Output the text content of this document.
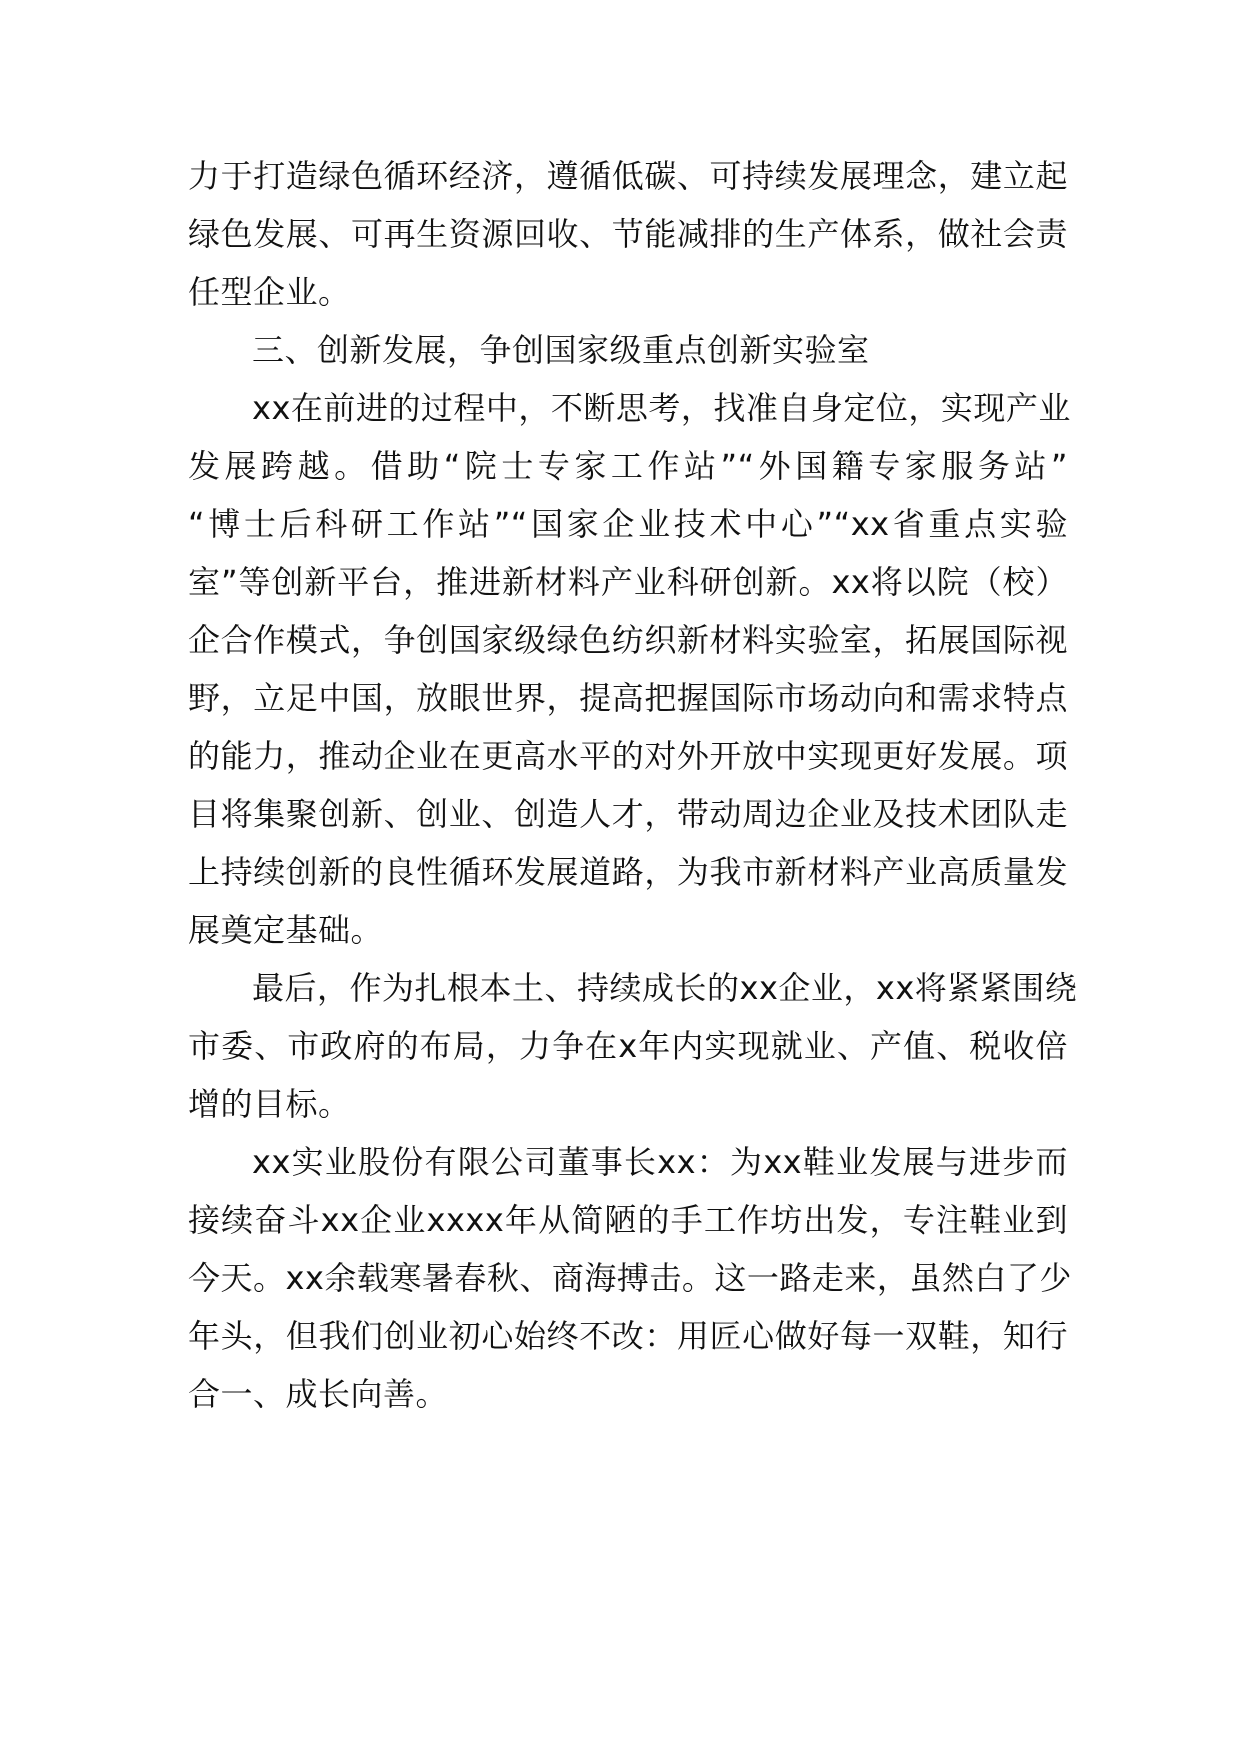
力于打造绿色循环经济，遵循低碳、可持续发展理念，建立起

绿色发展、可再生资源回收、节能减排的生产体系，做社会责

任型企业。

三、创新发展，争创国家级重点创新实验室

xx在前进的过程中，不断思考，找准自身定位，实现产业

发展跨越。借助“院士专家工作站”“外国籍专家服务站”

“博士后科研工作站”“国家企业技术中心”“xx省重点实验

室”等创新平台，推进新材料产业科研创新。xx将以院（校）

企合作模式，争创国家级绿色纺织新材料实验室，拓展国际视

野，立足中国，放眼世界，提高把握国际市场动向和需求特点

的能力，推动企业在更高水平的对外开放中实现更好发展。项

目将集聚创新、创业、创造人才，带动周边企业及技术团队走

上持续创新的良性循环发展道路，为我市新材料产业高质量发

展奠定基础。

最后，作为扎根本土、持续成长的xx企业，xx将紧紧围绕

市委、市政府的布局，力争在x年内实现就业、产值、税收倍

增的目标。

xx实业股份有限公司董事长xx：为xx鞋业发展与进步而

接续奋斗xx企业xxxx年从简陋的手工作坊出发，专注鞋业到

今天。xx余载寒暑春秋、商海搏击。这一路走来，虽然白了少

年头，但我们创业初心始终不改：用匠心做好每一双鞋，知行

合一、成长向善。
